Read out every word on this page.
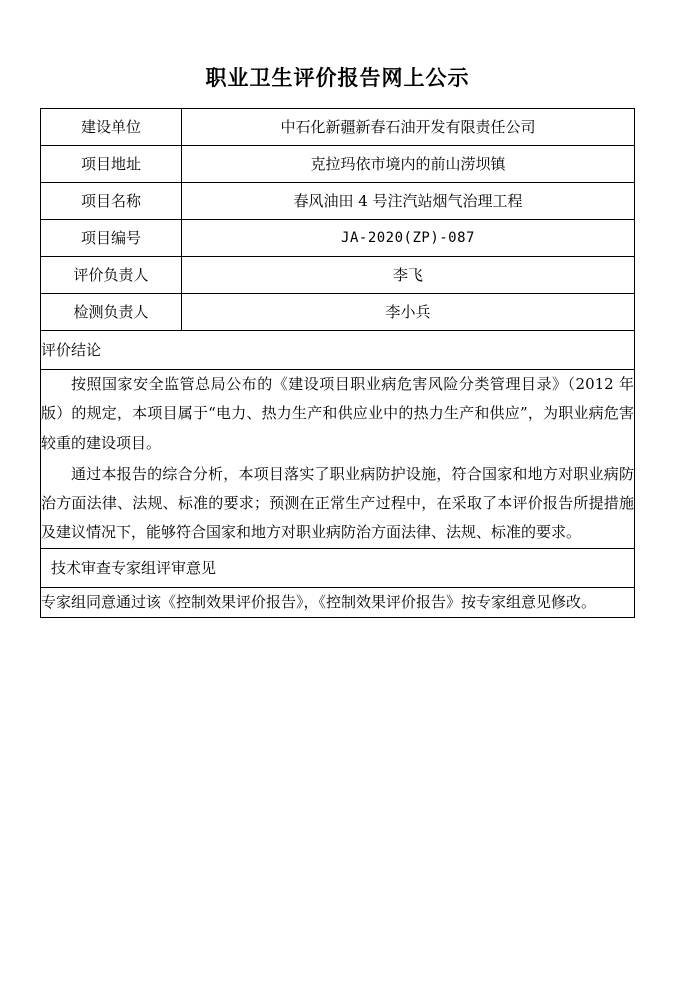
职业卫生评价报告网上公示
建设单位	中石化新疆新春石油开发有限责任公司
项目地址	克拉玛依市境内的前山涝坝镇
项目名称	春风油田 4 号注汽站烟气治理工程
项目编号	JA-2020(ZP)-087
评价负责人	李飞
检测负责人	李小兵
评价结论	

按照国家安全监管总局公布的《建设项目职业病危害风险分类管理目录》（2012 年版）的规定，本项目属于“电力、热力生产和供应业中的热力生产和供应”，为职业病危害较重的建设项目。

通过本报告的综合分析，本项目落实了职业病防护设施，符合国家和地方对职业病防治方面法律、法规、标准的要求；预测在正常生产过程中，在采取了本评价报告所提措施及建议情况下，能够符合国家和地方对职业病防治方面法律、法规、标准的要求。	

技术审查专家组评审意见	

专家组同意通过该《控制效果评价报告》，《控制效果评价报告》按专家组意见修改。	
